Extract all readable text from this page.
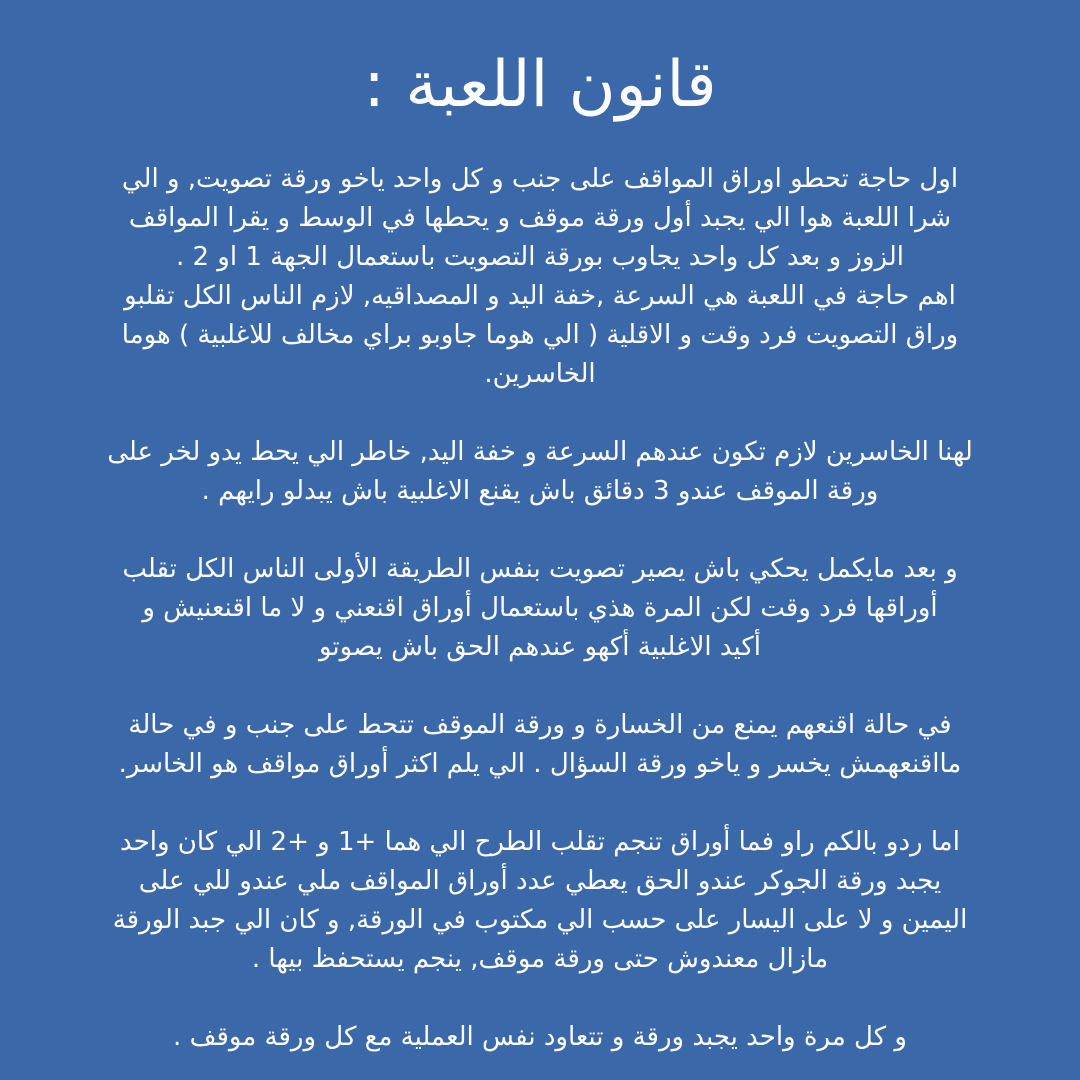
قانون اللعبة :
اول حاجة تحطو اوراق المواقف على جنب و كل واحد ياخو ورقة تصويت, و الي
شرا اللعبة هوا الي يجبد أول ورقة موقف و يحطها في الوسط و يقرا المواقف
الزوز و بعد كل واحد يجاوب بورقة التصويت باستعمال الجهة 1 او 2 .
اهم حاجة في اللعبة هي السرعة ,خفة اليد و المصداقيه, لازم الناس الكل تقلبو
وراق التصويت فرد وقت و الاقلية ( الي هوما جاوبو براي مخالف للاغلبية ) هوما
الخاسرين.
لهنا الخاسرين لازم تكون عندهم السرعة و خفة اليد, خاطر الي يحط يدو لخر على
ورقة الموقف عندو 3 دقائق باش يقنع الاغلبية باش يبدلو رايهم .
و بعد مايكمل يحكي باش يصير تصويت بنفس الطريقة الأولى الناس الكل تقلب
أوراقها فرد وقت لكن المرة هذي باستعمال أوراق اقنعني و لا ما اقنعنيش و
أكيد الاغلبية أكهو عندهم الحق باش يصوتو
في حالة اقنعهم يمنع من الخسارة و ورقة الموقف تتحط على جنب و في حالة
مااقنعهمش يخسر و ياخو ورقة السؤال . الي يلم اكثر أوراق مواقف هو الخاسر.
اما ردو بالكم راو فما أوراق تنجم تقلب الطرح الي هما +1 و +2 الي كان واحد
يجبد ورقة الجوكر عندو الحق يعطي عدد أوراق المواقف ملي عندو للي على
اليمين و لا على اليسار على حسب الي مكتوب في الورقة, و كان الي جبد الورقة
مازال معندوش حتى ورقة موقف, ينجم يستحفظ بيها .
و كل مرة واحد يجبد ورقة و تتعاود نفس العملية مع كل ورقة موقف .
